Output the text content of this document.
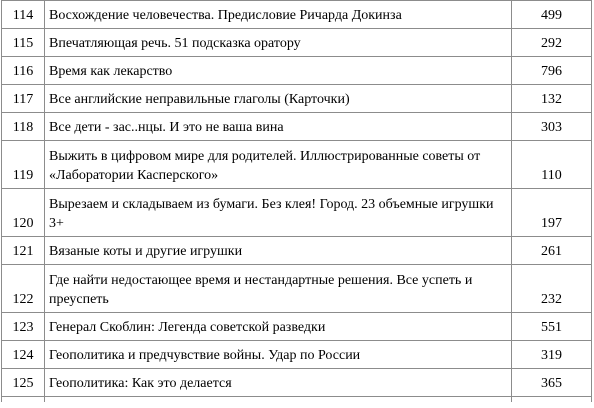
114	Восхождение человечества. Предисловие Ричарда Докинза	499
115	Впечатляющая речь. 51 подсказка оратору	292
116	Время как лекарство	796
117	Все английские неправильные глаголы (Карточки)	132
118	Все дети - зас..нцы. И это не ваша вина	303
119	Выжить в цифровом мире для родителей. Иллюстрированные советы от «Лаборатории Касперского»	110
120	Вырезаем и складываем из бумаги. Без клея! Город. 23 объемные игрушки 3+	197
121	Вязаные коты и другие игрушки	261
122	Где найти недостающее время и нестандартные решения. Все успеть и преуспеть	232
123	Генерал Скоблин: Легенда советской разведки	551
124	Геополитика и предчувствие войны. Удар по России	319
125	Геополитика: Как это делается	365
